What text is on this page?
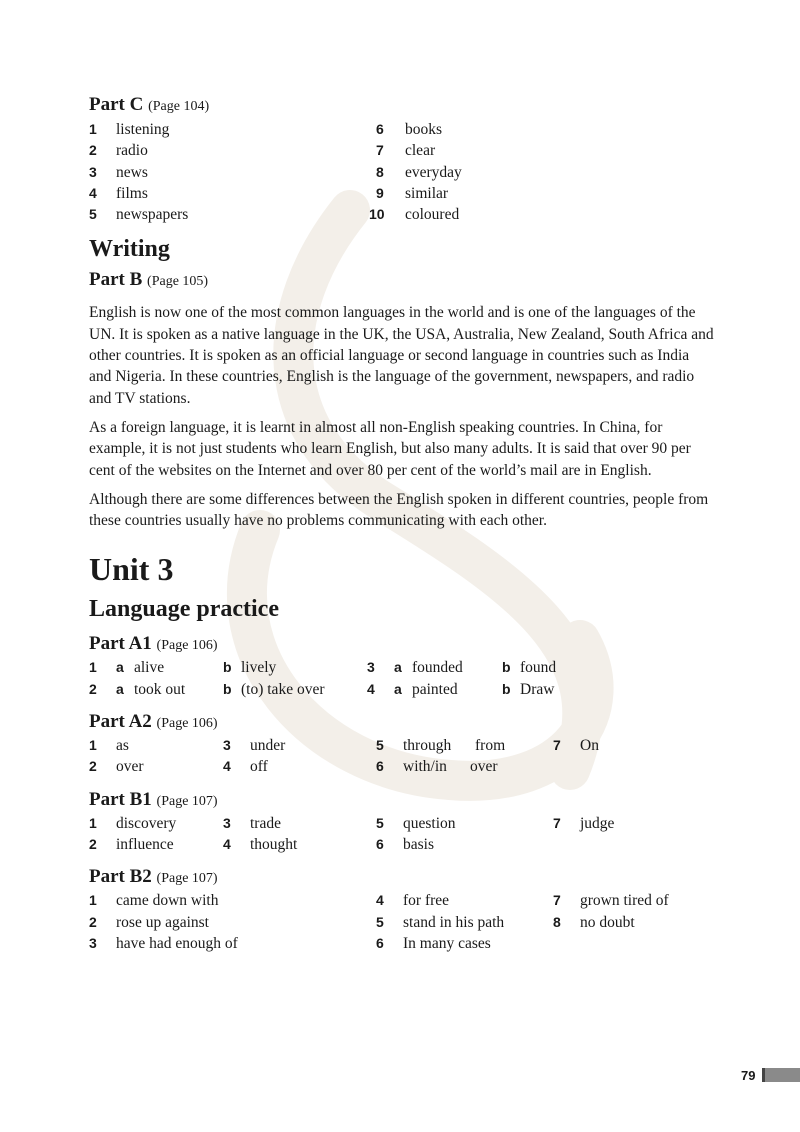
Part C (Page 104)
1 listening	6 books
2 radio	7 clear
3 news	8 everyday
4 films	9 similar
5 newspapers	10 coloured
Writing
Part B (Page 105)

English is now one of the most common languages in the world and is one of the languages of the UN. It is spoken as a native language in the UK, the USA, Australia, New Zealand, South Africa and other countries. It is spoken as an official language or second language in countries such as India and Nigeria. In these countries, English is the language of the government, newspapers, and radio and TV stations.

As a foreign language, it is learnt in almost all non-English speaking countries. In China, for example, it is not just students who learn English, but also many adults. It is said that over 90 per cent of the websites on the Internet and over 80 per cent of the world’s mail are in English.

Although there are some differences between the English spoken in different countries, people from these countries usually have no problems communicating with each other.

Unit 3
Language practice
Part A1 (Page 106)
1 a alive	b lively	3 a founded	b found
2 a took out	b (to) take over	4 a painted	b Draw
Part A2 (Page 106)
1 as	3 under	5 through from	7 On
2 over	4 off	6 with/in over
Part B1 (Page 107)
1 discovery	3 trade	5 question	7 judge
2 influence	4 thought	6 basis
Part B2 (Page 107)
1 came down with	4 for free	7 grown tired of
2 rose up against	5 stand in his path	8 no doubt
3 have had enough of	6 In many cases
79
